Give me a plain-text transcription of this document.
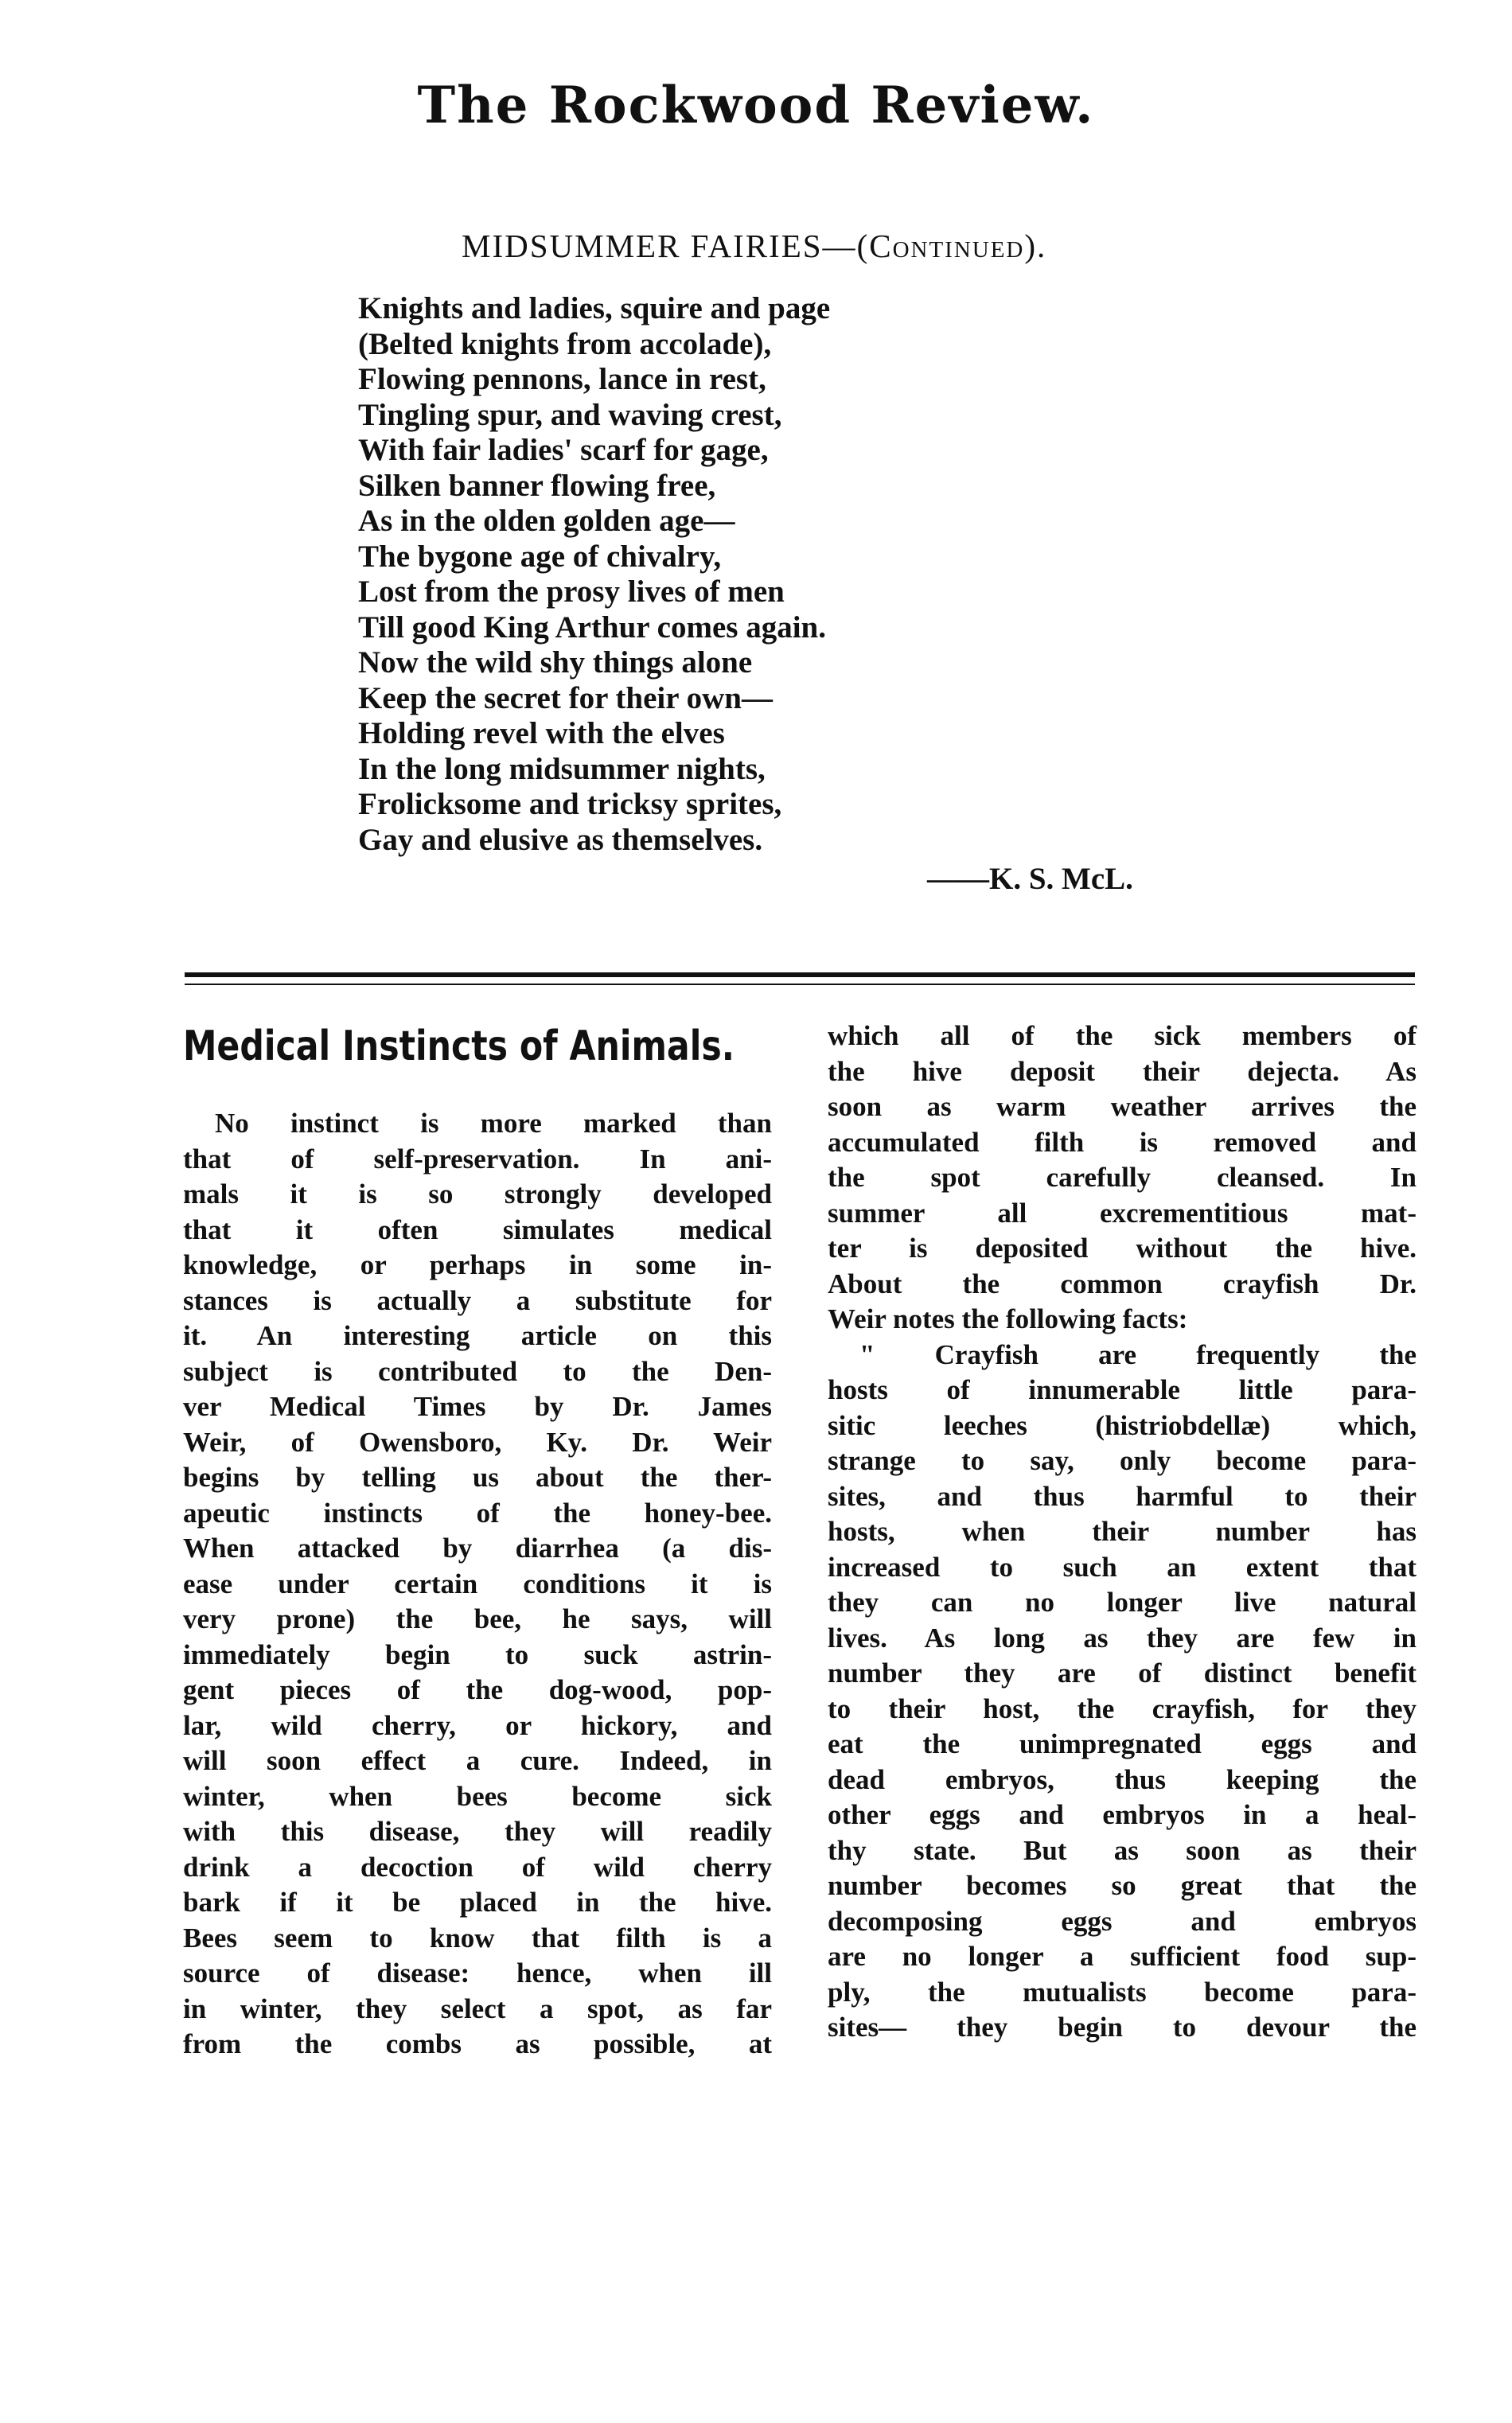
The Rockwood Review.
MIDSUMMER FAIRIES—(Continued).
Knights and ladies, squire and page
(Belted knights from accolade),
Flowing pennons, lance in rest,
Tingling spur, and waving crest,
With fair ladies' scarf for gage,
Silken banner flowing free,
As in the olden golden age—
The bygone age of chivalry,
Lost from the prosy lives of men
Till good King Arthur comes again.
Now the wild shy things alone
Keep the secret for their own—
Holding revel with the elves
In the long midsummer nights,
Frolicksome and tricksy sprites,
Gay and elusive as themselves.
——K. S. McL.
Medical Instincts of Animals.
No instinct is more marked than
that of self-preservation. In ani-
mals it is so strongly developed
that it often simulates medical
knowledge, or perhaps in some in-
stances is actually a substitute for
it. An interesting article on this
subject is contributed to the Den-
ver Medical Times by Dr. James
Weir, of Owensboro, Ky. Dr. Weir
begins by telling us about the ther-
apeutic instincts of the honey-bee.
When attacked by diarrhea (a dis-
ease under certain conditions it is
very prone) the bee, he says, will
immediately begin to suck astrin-
gent pieces of the dog-wood, pop-
lar, wild cherry, or hickory, and
will soon effect a cure. Indeed, in
winter, when bees become sick
with this disease, they will readily
drink a decoction of wild cherry
bark if it be placed in the hive.
Bees seem to know that filth is a
source of disease: hence, when ill
in winter, they select a spot, as far
from the combs as possible, at
which all of the sick members of
the hive deposit their dejecta. As
soon as warm weather arrives the
accumulated filth is removed and
the spot carefully cleansed. In
summer all excrementitious mat-
ter is deposited without the hive.
About the common crayfish Dr.
Weir notes the following facts:
" Crayfish are frequently the
hosts of innumerable little para-
sitic leeches (histriobdellæ) which,
strange to say, only become para-
sites, and thus harmful to their
hosts, when their number has
increased to such an extent that
they can no longer live natural
lives. As long as they are few in
number they are of distinct benefit
to their host, the crayfish, for they
eat the unimpregnated eggs and
dead embryos, thus keeping the
other eggs and embryos in a heal-
thy state. But as soon as their
number becomes so great that the
decomposing eggs and embryos
are no longer a sufficient food sup-
ply, the mutualists become para-
sites— they begin to devour the
